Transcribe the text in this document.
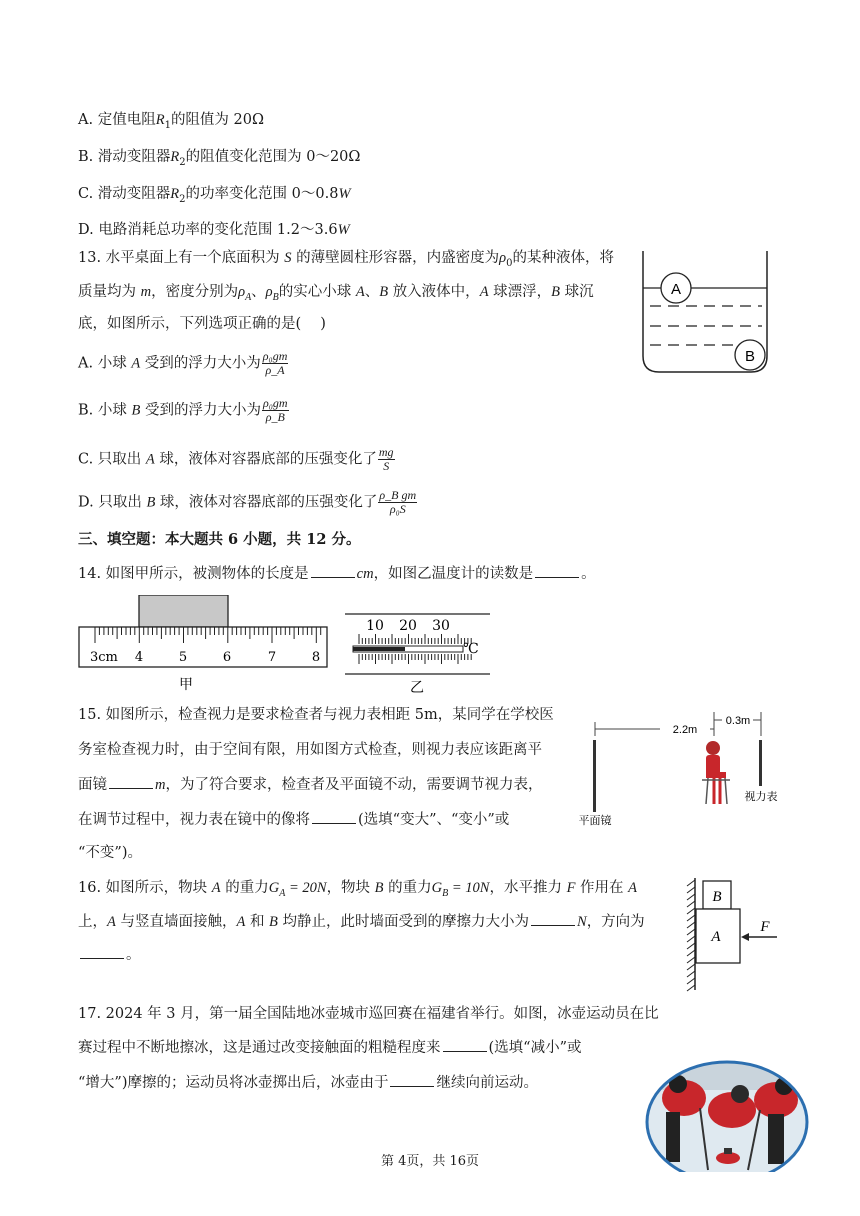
A. 定值电阻$R_1$的阻值为 20Ω
B. 滑动变阻器$R_2$的阻值变化范围为 0～20Ω
C. 滑动变阻器$R_2$的功率变化范围 0～0.8W
D. 电路消耗总功率的变化范围 1.2～3.6W
13. 水平桌面上有一个底面积为 S 的薄壁圆柱形容器，内盛密度为$\rho_0$的某种液体，将
质量均为 m，密度分别为$\rho_A$、$\rho_B$的实心小球 A、B 放入液体中，A 球漂浮，B 球沉
底，如图所示，下列选项正确的是(　 )
A. 小球 A 受到的浮力大小为 $\frac{\text{ρ₀gm}}{\rho\_A}$
B. 小球 B 受到的浮力大小为 $\frac{\text{ρ₀gm}}{\rho\_B}$
C. 只取出 A 球，液体对容器底部的压强变化了 $\frac{mg}{S}$
D. 只取出 B 球，液体对容器底部的压强变化了 $\frac{\text{ρ\_B gm}}{\text{ρ₀S}}$
A
B
三、填空题：本大题共 6 小题，共 12 分。
14. 如图甲所示，被测物体的长度是	cm，如图乙温度计的读数是	。
3cm 4	5	6	7	8
甲
10 20 30
℃
乙
15. 如图所示，检查视力是要求检查者与视力表相距 5m，某同学在学校医
务室检查视力时，由于空间有限，用如图方式检查，则视力表应该距离平
面镜	m，为了符合要求，检查者及平面镜不动，需要调节视力表，
在调节过程中，视力表在镜中的像将	(选填“变大”、“变小”或
“不变”)。
2.2m
0.3m
平面镜
视力表
16. 如图所示，物块 A 的重力$G_A = 20N$，物块 B 的重力$G_B = 10N$，水平推力 F 作用在 A
上，A 与竖直墙面接触，A 和 B 均静止，此时墙面受到的摩擦力大小为	N，方向为
。
B
A
F
17. 2024 年 3 月，第一届全国陆地冰壶城市巡回赛在福建省举行。如图，冰壶运动员在比
赛过程中不断地擦冰，这是通过改变接触面的粗糙程度来	(选填“减小”或
“增大”)摩擦的；运动员将冰壶掷出后，冰壶由于	继续向前运动。
第 4页，共 16页
